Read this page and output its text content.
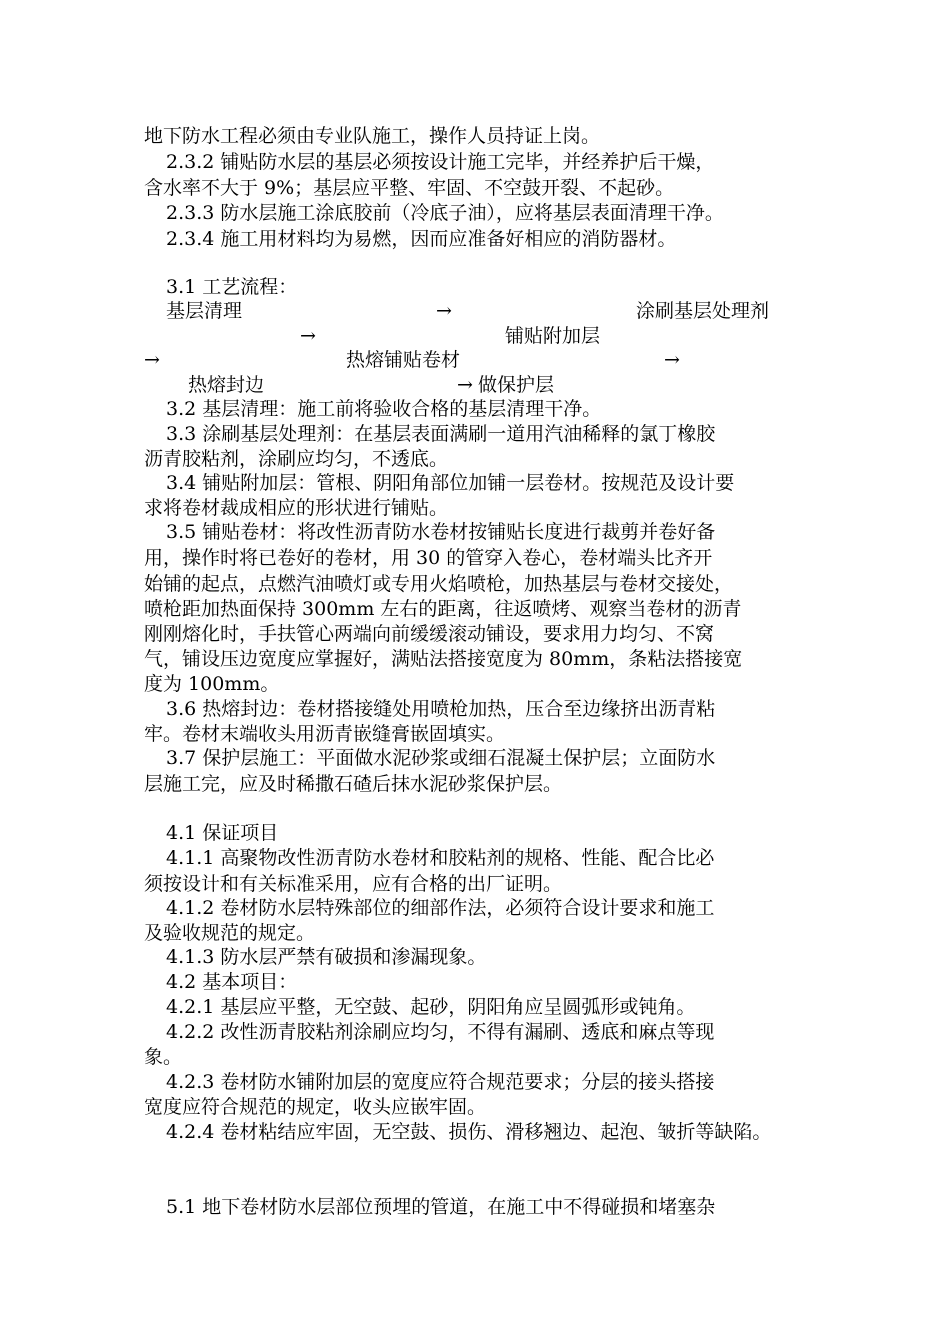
地下防水工程必须由专业队施工，操作人员持证上岗。
2.3.2 铺贴防水层的基层必须按设计施工完毕，并经养护后干燥，
含水率不大于 9%；基层应平整、牢固、不空鼓开裂、不起砂。
2.3.3 防水层施工涂底胶前（冷底子油），应将基层表面清理干净。
2.3.4 施工用材料均为易燃，因而应准备好相应的消防器材。
3.1 工艺流程：
基层清理	→	涂刷基层处理剂
→	铺贴附加层
→	热熔铺贴卷材	→
热熔封边	→ 做保护层
3.2 基层清理：施工前将验收合格的基层清理干净。
3.3 涂刷基层处理剂：在基层表面满刷一道用汽油稀释的氯丁橡胶
沥青胶粘剂，涂刷应均匀，不透底。
3.4 铺贴附加层：管根、阴阳角部位加铺一层卷材。按规范及设计要
求将卷材裁成相应的形状进行铺贴。
3.5 铺贴卷材：将改性沥青防水卷材按铺贴长度进行裁剪并卷好备
用，操作时将已卷好的卷材，用 30 的管穿入卷心，卷材端头比齐开
始铺的起点，点燃汽油喷灯或专用火焰喷枪，加热基层与卷材交接处，
喷枪距加热面保持 300mm 左右的距离，往返喷烤、观察当卷材的沥青
刚刚熔化时，手扶管心两端向前缓缓滚动铺设，要求用力均匀、不窝
气，铺设压边宽度应掌握好，满贴法搭接宽度为 80mm，条粘法搭接宽
度为 100mm。
3.6 热熔封边：卷材搭接缝处用喷枪加热，压合至边缘挤出沥青粘
牢。卷材末端收头用沥青嵌缝膏嵌固填实。
3.7 保护层施工：平面做水泥砂浆或细石混凝土保护层；立面防水
层施工完，应及时稀撒石碴后抹水泥砂浆保护层。
4.1 保证项目
4.1.1 高聚物改性沥青防水卷材和胶粘剂的规格、性能、配合比必
须按设计和有关标准采用，应有合格的出厂证明。
4.1.2 卷材防水层特殊部位的细部作法，必须符合设计要求和施工
及验收规范的规定。
4.1.3 防水层严禁有破损和渗漏现象。
4.2 基本项目：
4.2.1 基层应平整，无空鼓、起砂，阴阳角应呈圆弧形或钝角。
4.2.2 改性沥青胶粘剂涂刷应均匀，不得有漏刷、透底和麻点等现
象。
4.2.3 卷材防水铺附加层的宽度应符合规范要求；分层的接头搭接
宽度应符合规范的规定，收头应嵌牢固。
4.2.4 卷材粘结应牢固，无空鼓、损伤、滑移翘边、起泡、皱折等缺陷。
5.1 地下卷材防水层部位预埋的管道，在施工中不得碰损和堵塞杂
